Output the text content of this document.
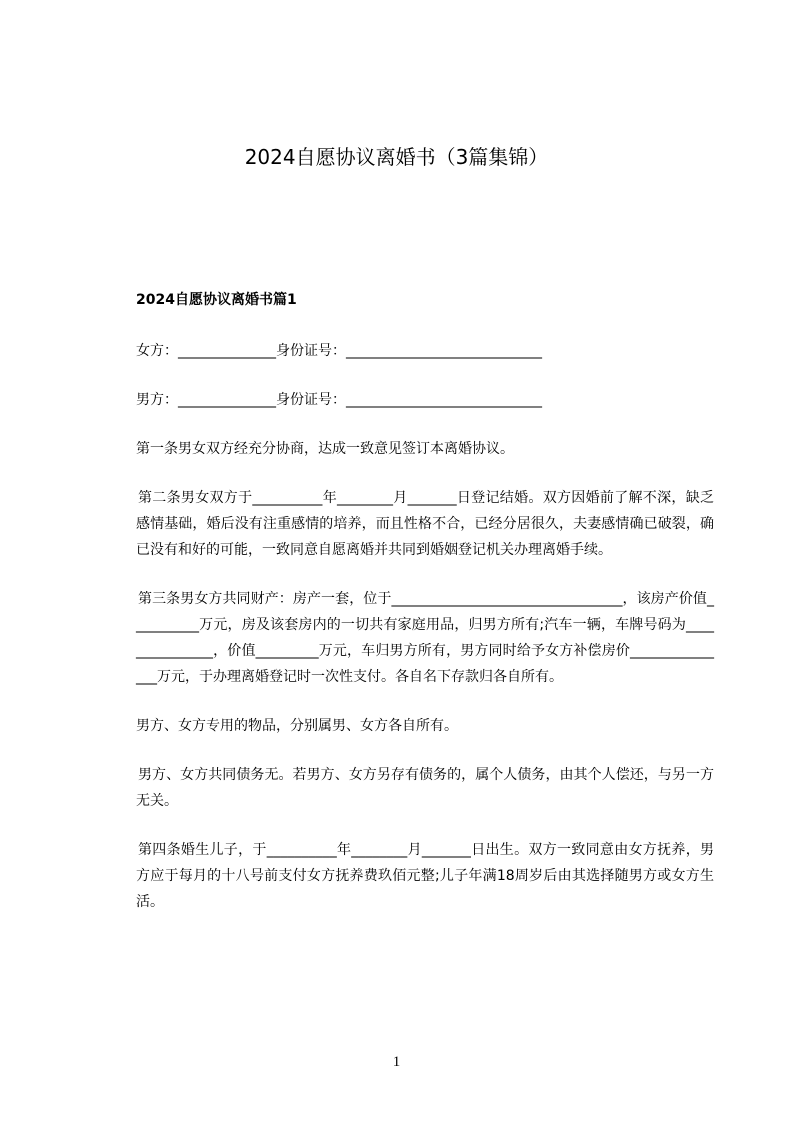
2024自愿协议离婚书（3篇集锦）
2024自愿协议离婚书篇1

女方：______________身份证号：____________________________

男方：______________身份证号：____________________________

第一条男女双方经充分协商，达成一致意见签订本离婚协议。

第二条男女双方于__________年________月_______日登记结婚。双方因婚前了解不深，缺乏感情基础，婚后没有注重感情的培养，而且性格不合，已经分居很久，夫妻感情确已破裂，确已没有和好的可能，一致同意自愿离婚并共同到婚姻登记机关办理离婚手续。

第三条男女方共同财产：房产一套，位于_________________________________，该房产价值__________万元，房及该套房内的一切共有家庭用品，归男方所有;汽车一辆，车牌号码为_______________，价值_________万元，车归男方所有，男方同时给予女方补偿房价_______________万元，于办理离婚登记时一次性支付。各自名下存款归各自所有。

男方、女方专用的物品，分别属男、女方各自所有。

男方、女方共同债务无。若男方、女方另存有债务的，属个人债务，由其个人偿还，与另一方无关。

第四条婚生儿子，于__________年________月_______日出生。双方一致同意由女方抚养，男方应于每月的十八号前支付女方抚养费玖佰元整;儿子年满18周岁后由其选择随男方或女方生活。

1
